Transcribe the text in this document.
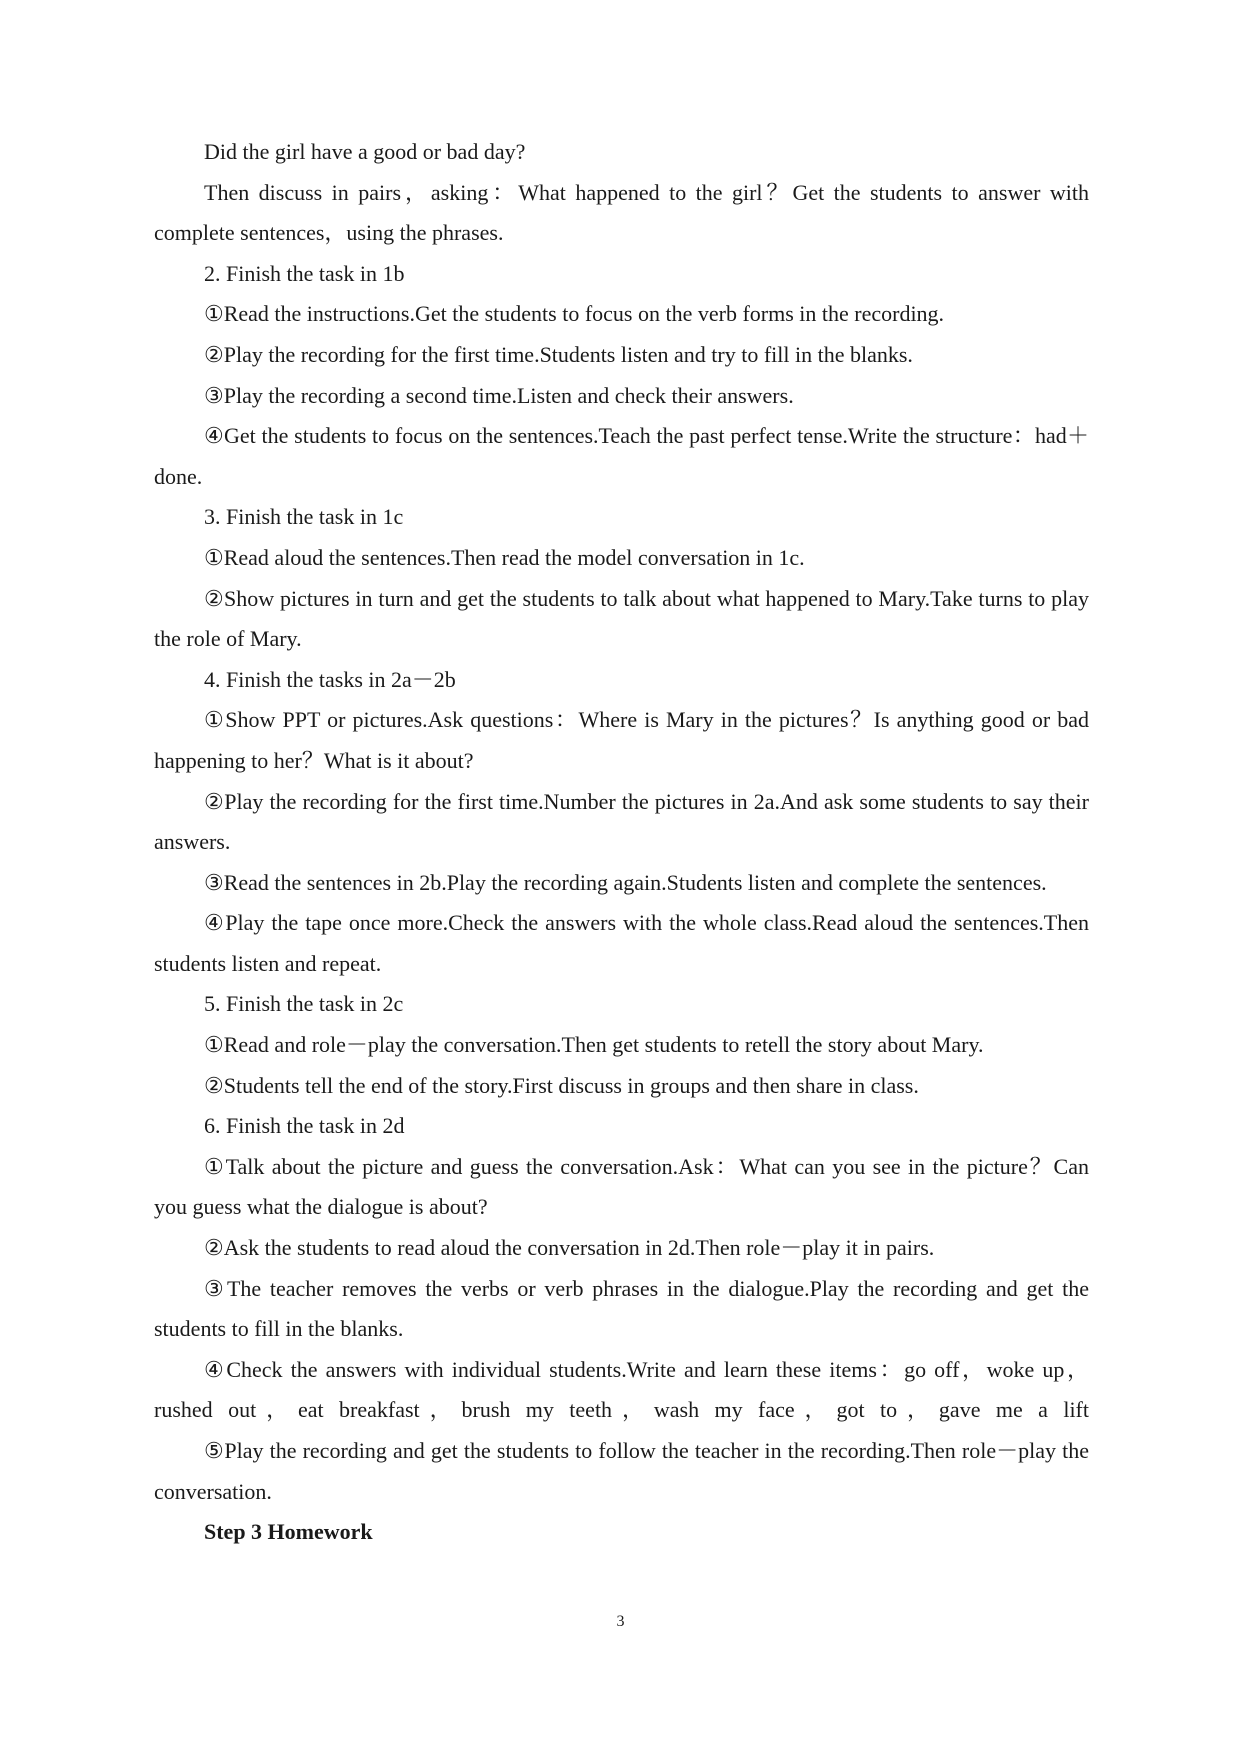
Did the girl have a good or bad day?

Then discuss in pairs，asking：What happened to the girl？Get the students to answer with complete sentences，using the phrases.

2. Finish the task in 1b

①Read the instructions.Get the students to focus on the verb forms in the recording.

②Play the recording for the first time.Students listen and try to fill in the blanks.

③Play the recording a second time.Listen and check their answers.

④Get the students to focus on the sentences.Teach the past perfect tense.Write the structure：had＋done.

3. Finish the task in 1c

①Read aloud the sentences.Then read the model conversation in 1c.

②Show pictures in turn and get the students to talk about what happened to Mary.Take turns to play the role of Mary.

4. Finish the tasks in 2a－2b

①Show PPT or pictures.Ask questions：Where is Mary in the pictures？Is anything good or bad happening to her？What is it about?

②Play the recording for the first time.Number the pictures in 2a.And ask some students to say their answers.

③Read the sentences in 2b.Play the recording again.Students listen and complete the sentences.

④Play the tape once more.Check the answers with the whole class.Read aloud the sentences.Then students listen and repeat.

5. Finish the task in 2c

①Read and role－play the conversation.Then get students to retell the story about Mary.

②Students tell the end of the story.First discuss in groups and then share in class.

6. Finish the task in 2d

①Talk about the picture and guess the conversation.Ask：What can you see in the picture？Can you guess what the dialogue is about?

②Ask the students to read aloud the conversation in 2d.Then role－play it in pairs.

③The teacher removes the verbs or verb phrases in the dialogue.Play the recording and get the students to fill in the blanks.

④Check the answers with individual students.Write and learn these items：go off，woke up，rushed out，eat breakfast，brush my teeth，wash my face，got to，gave me a lift

⑤Play the recording and get the students to follow the teacher in the recording.Then role－play the conversation.

Step 3 Homework

3
